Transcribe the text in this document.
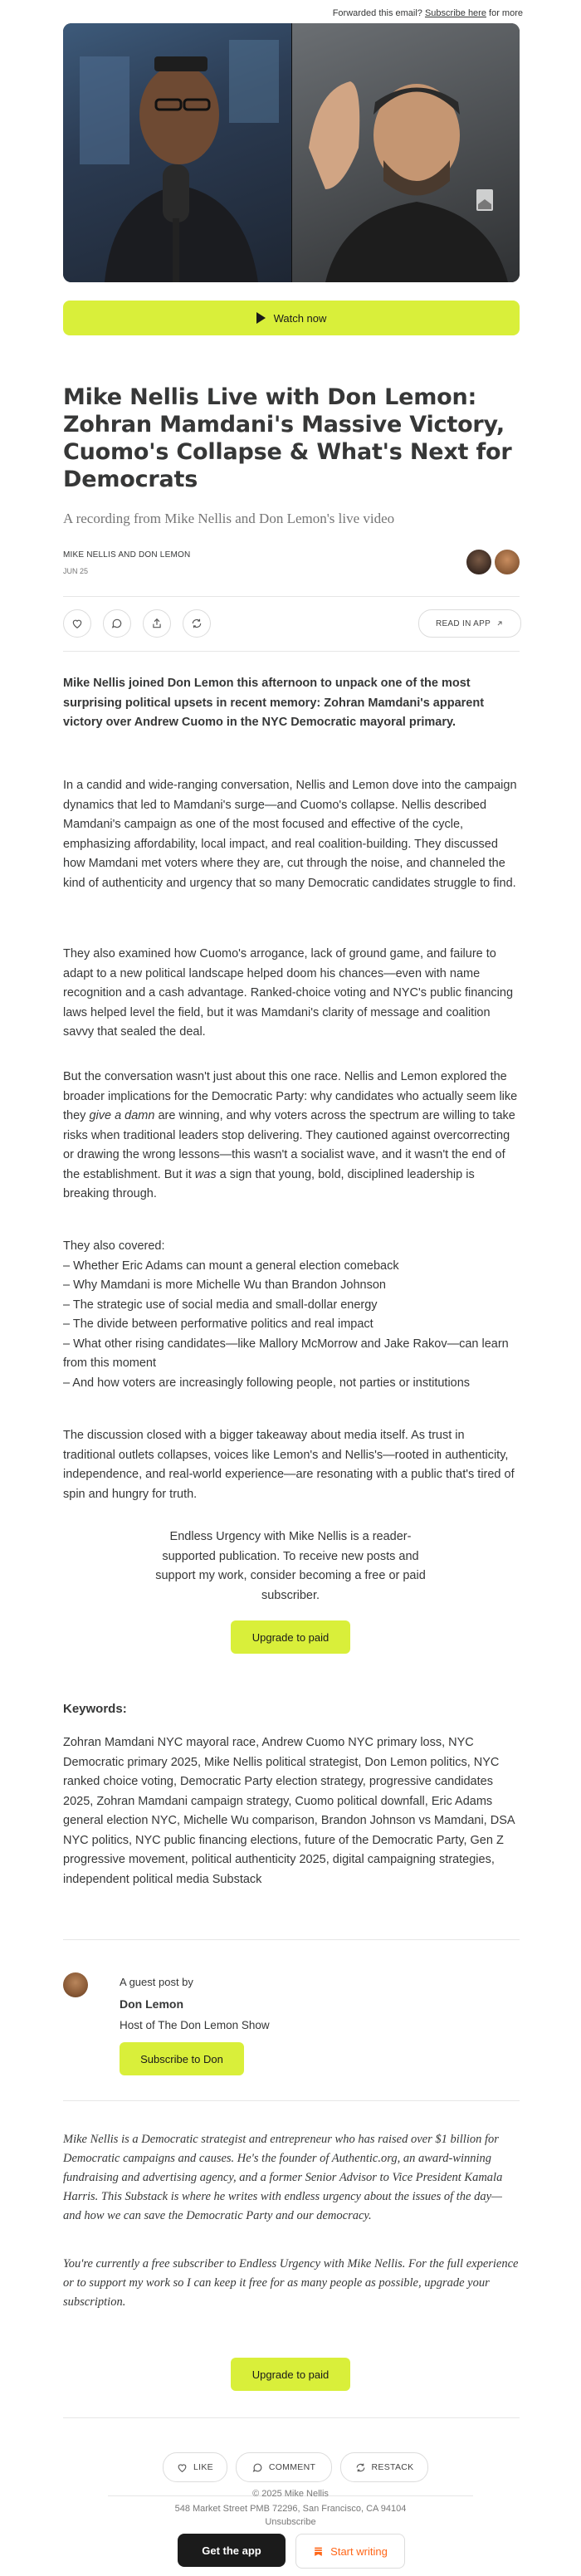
Forwarded this email? Subscribe here for more
Watch now
Mike Nellis Live with Don Lemon: Zohran Mamdani's Massive Victory, Cuomo's Collapse & What's Next for Democrats
A recording from Mike Nellis and Don Lemon's live video
MIKE NELLIS AND DON LEMON
JUN 25
READ IN APP

Mike Nellis joined Don Lemon this afternoon to unpack one of the most surprising political upsets in recent memory: Zohran Mamdani's apparent victory over Andrew Cuomo in the NYC Democratic mayoral primary.

In a candid and wide-ranging conversation, Nellis and Lemon dove into the campaign dynamics that led to Mamdani's surge—and Cuomo's collapse. Nellis described Mamdani's campaign as one of the most focused and effective of the cycle, emphasizing affordability, local impact, and real coalition-building. They discussed how Mamdani met voters where they are, cut through the noise, and channeled the kind of authenticity and urgency that so many Democratic candidates struggle to find.

They also examined how Cuomo's arrogance, lack of ground game, and failure to adapt to a new political landscape helped doom his chances—even with name recognition and a cash advantage. Ranked-choice voting and NYC's public financing laws helped level the field, but it was Mamdani's clarity of message and coalition savvy that sealed the deal.

But the conversation wasn't just about this one race. Nellis and Lemon explored the broader implications for the Democratic Party: why candidates who actually seem like they give a damn are winning, and why voters across the spectrum are willing to take risks when traditional leaders stop delivering. They cautioned against overcorrecting or drawing the wrong lessons—this wasn't a socialist wave, and it wasn't the end of the establishment. But it was a sign that young, bold, disciplined leadership is breaking through.

They also covered:
– Whether Eric Adams can mount a general election comeback
– Why Mamdani is more Michelle Wu than Brandon Johnson
– The strategic use of social media and small-dollar energy
– The divide between performative politics and real impact
– What other rising candidates—like Mallory McMorrow and Jake Rakov—can learn from this moment
– And how voters are increasingly following people, not parties or institutions

The discussion closed with a bigger takeaway about media itself. As trust in traditional outlets collapses, voices like Lemon's and Nellis's—rooted in authenticity, independence, and real-world experience—are resonating with a public that's tired of spin and hungry for truth.

Endless Urgency with Mike Nellis is a reader-supported publication. To receive new posts and support my work, consider becoming a free or paid subscriber.

Upgrade to paid
Keywords:

Zohran Mamdani NYC mayoral race, Andrew Cuomo NYC primary loss, NYC Democratic primary 2025, Mike Nellis political strategist, Don Lemon politics, NYC ranked choice voting, Democratic Party election strategy, progressive candidates 2025, Zohran Mamdani campaign strategy, Cuomo political downfall, Eric Adams general election NYC, Michelle Wu comparison, Brandon Johnson vs Mamdani, DSA NYC politics, NYC public financing elections, future of the Democratic Party, Gen Z progressive movement, political authenticity 2025, digital campaigning strategies, independent political media Substack

A guest post by
Don Lemon
Host of The Don Lemon Show
Subscribe to Don

Mike Nellis is a Democratic strategist and entrepreneur who has raised over $1 billion for Democratic campaigns and causes. He's the founder of Authentic.org, an award-winning fundraising and advertising agency, and a former Senior Advisor to Vice President Kamala Harris. This Substack is where he writes with endless urgency about the issues of the day—and how we can save the Democratic Party and our democracy.

You're currently a free subscriber to Endless Urgency with Mike Nellis. For the full experience or to support my work so I can keep it free for as many people as possible, upgrade your subscription.

Upgrade to paid
LIKE	COMMENT	RESTACK
© 2025 Mike Nellis
548 Market Street PMB 72296, San Francisco, CA 94104
Unsubscribe
Get the app	Start writing
